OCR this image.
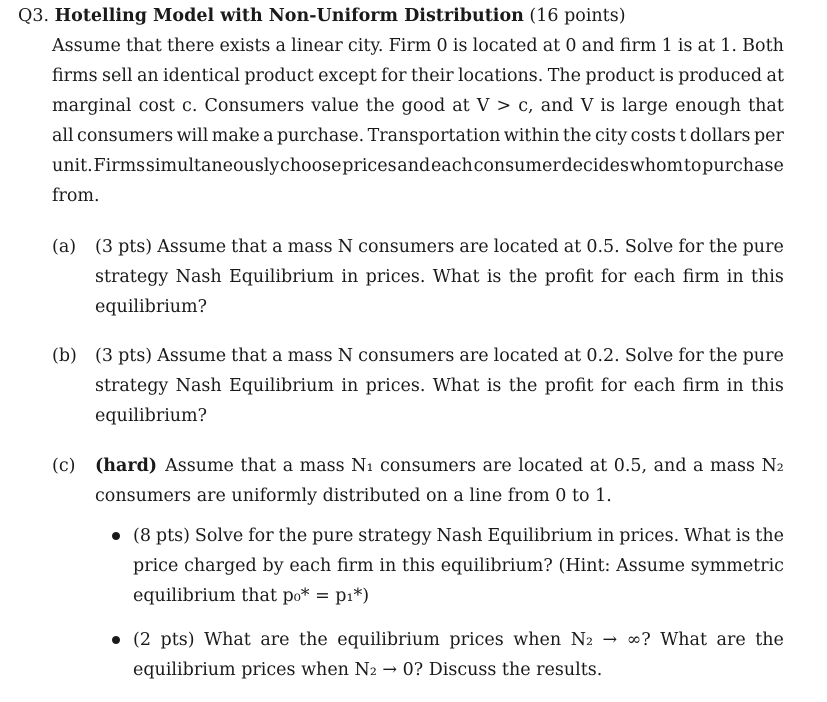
Q3. Hotelling Model with Non-Uniform Distribution (16 points)
Assume that there exists a linear city. Firm 0 is located at 0 and firm 1 is at 1. Both
firms sell an identical product except for their locations. The product is produced at
marginal cost c. Consumers value the good at V > c, and V is large enough that
all consumers will make a purchase. Transportation within the city costs t dollars per
unit. Firms simultaneously choose prices and each consumer decides whom to purchase
from.
(a) (3 pts) Assume that a mass N consumers are located at 0.5. Solve for the pure
strategy Nash Equilibrium in prices. What is the profit for each firm in this
equilibrium?
(b) (3 pts) Assume that a mass N consumers are located at 0.2. Solve for the pure
strategy Nash Equilibrium in prices. What is the profit for each firm in this
equilibrium?
(c) (hard) Assume that a mass N₁ consumers are located at 0.5, and a mass N₂
consumers are uniformly distributed on a line from 0 to 1.
(8 pts) Solve for the pure strategy Nash Equilibrium in prices. What is the
price charged by each firm in this equilibrium? (Hint: Assume symmetric
equilibrium that p₀* = p₁*)
(2 pts) What are the equilibrium prices when N₂ → ∞? What are the
equilibrium prices when N₂ → 0? Discuss the results.
